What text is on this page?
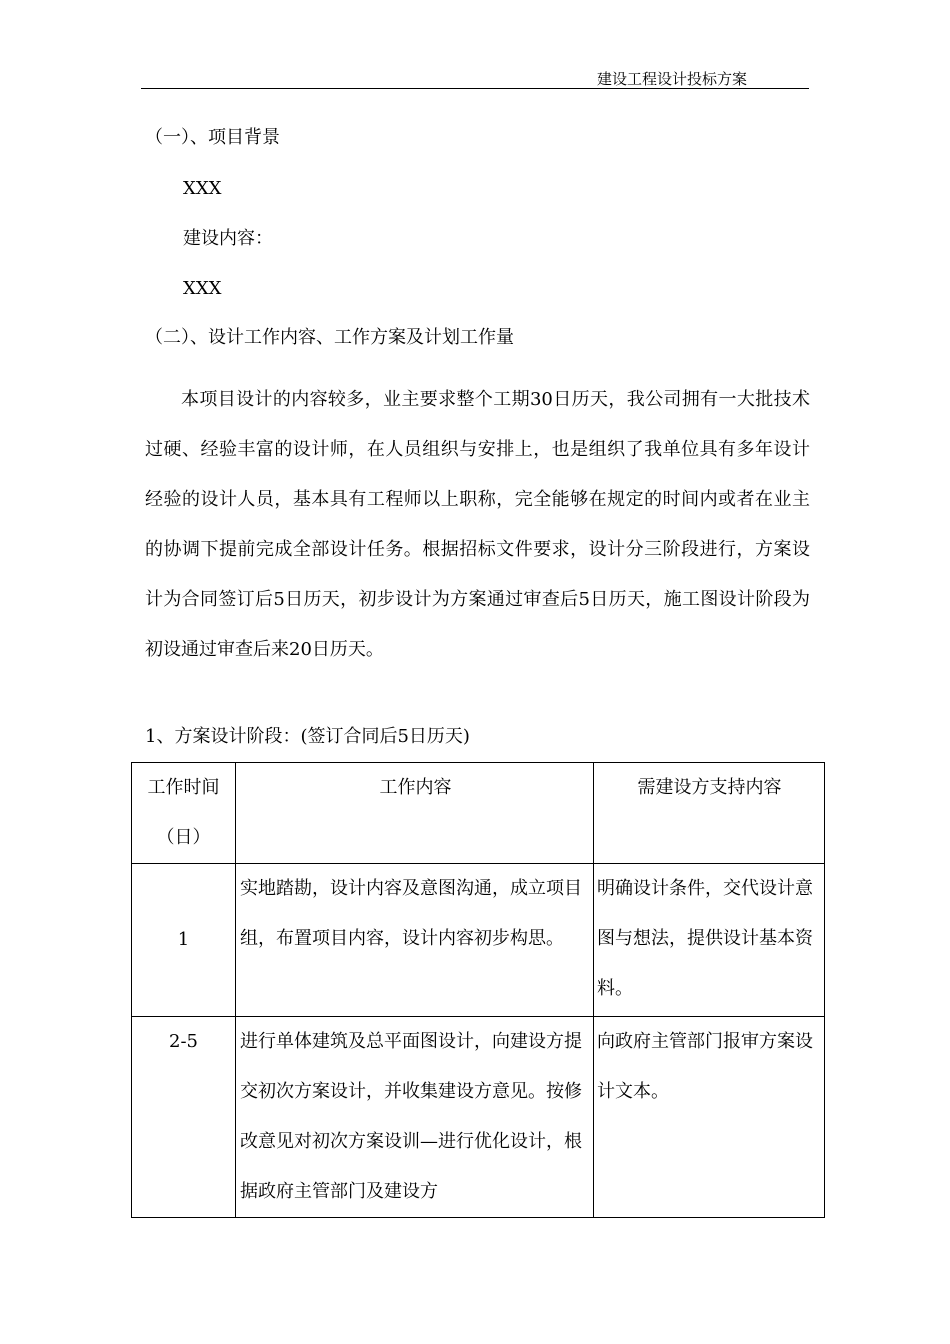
建设工程设计投标方案
（一）、项目背景
XXX
建设内容：
XXX
（二）、设计工作内容、工作方案及计划工作量
本项目设计的内容较多，业主要求整个工期30日历天，我公司拥有一大批技术过硬、经验丰富的设计师，在人员组织与安排上，也是组织了我单位具有多年设计经验的设计人员，基本具有工程师以上职称，完全能够在规定的时间内或者在业主的协调下提前完成全部设计任务。根据招标文件要求，设计分三阶段进行，方案设计为合同签订后5日历天，初步设计为方案通过审查后5日历天，施工图设计阶段为初设通过审查后来20日历天。
1、方案设计阶段：(签订合同后5日历天)
工作时间（日）	工作内容	需建设方支持内容
1	实地踏勘，设计内容及意图沟通，成立项目组，布置项目内容，设计内容初步构思。	明确设计条件，交代设计意图与想法，提供设计基本资料。
2-5	进行单体建筑及总平面图设计，向建设方提交初次方案设计，并收集建设方意见。按修改意见对初次方案设训—进行优化设计，根据政府主管部门及建设方	向政府主管部门报审方案设计文本。
